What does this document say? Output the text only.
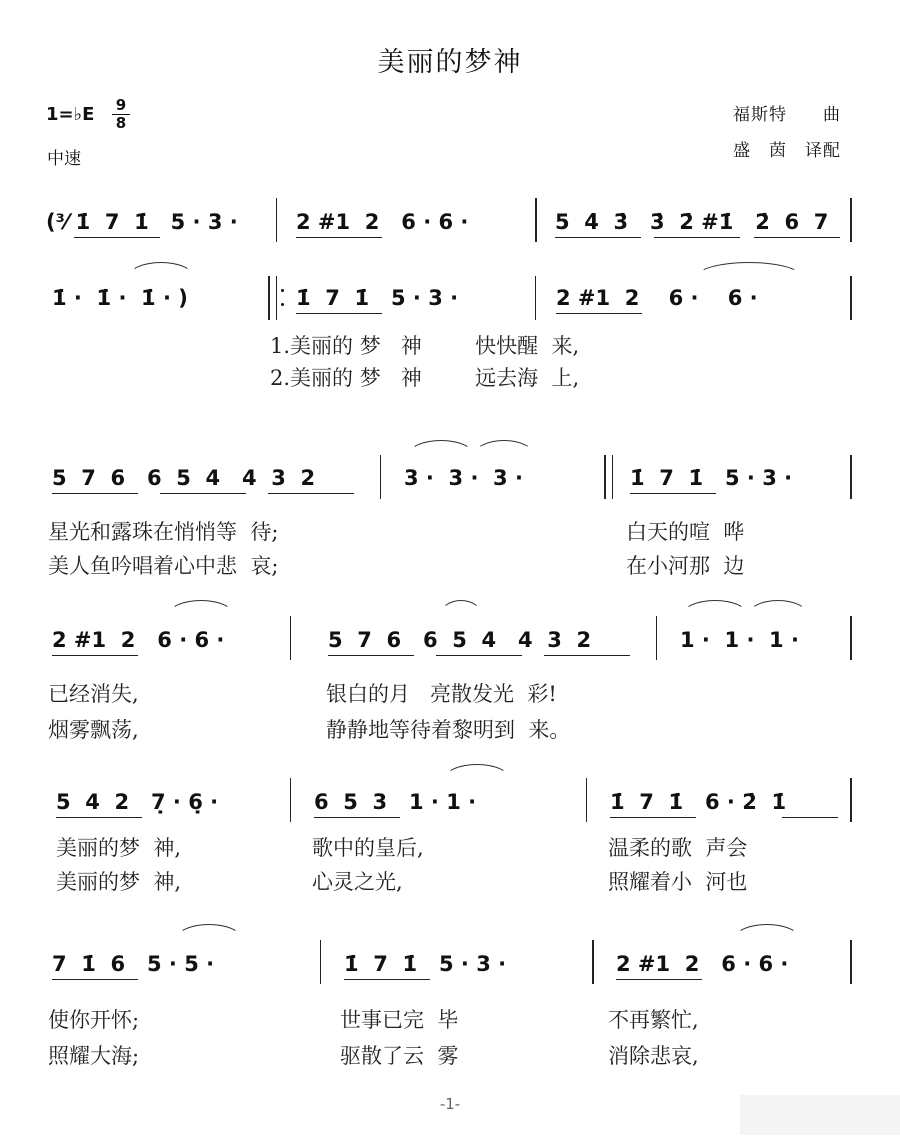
美丽的梦神
1=♭E 9
8
中速
福斯特　　曲
盛　茵　译配
(³⁄ 1̇  7  1̇   5 · 3 ·	2 #1  2   6 · 6 ·	5  4̇  3̇   3̇  2̇ #1̇   2̇  6  7
1̇ ·  1̇ ·  1̇ · )	1̇  7  1̇   5 · 3 ·	2 #1  2    6 ·    6 ·
1.美丽的 梦   神        快快醒  来,
2.美丽的 梦   神        远去海  上,
5  7  6   6  5  4   4  3  2	3 ·  3 ·  3 ·	1̇  7  1̇   5 · 3 ·
星光和露珠在悄悄等  待;	白天的喧  哗
美人鱼吟唱着心中悲  哀;	在小河那  边
2 #1  2   6 · 6 ·	5  7  6   6  5  4   4  3  2	1 ·  1 ·  1 ·
已经消失,	银白的月   亮散发光  彩!
烟雾飘荡,	静静地等待着黎明到  来。
5  4  2   7̣ · 6̣ ·	6  5  3   1 · 1 ·	1̇  7  1̇   6 · 2̇  1̇
美丽的梦  神,	歌中的皇后,	温柔的歌  声会
美丽的梦  神,	心灵之光,	照耀着小  河也
7  1̇  6   5 · 5 ·	1̇  7  1̇   5 · 3 ·	2 #1  2   6 · 6 ·
使你开怀;	世事已完  毕	不再繁忙,
照耀大海;	驱散了云  雾	消除悲哀,
-1-
